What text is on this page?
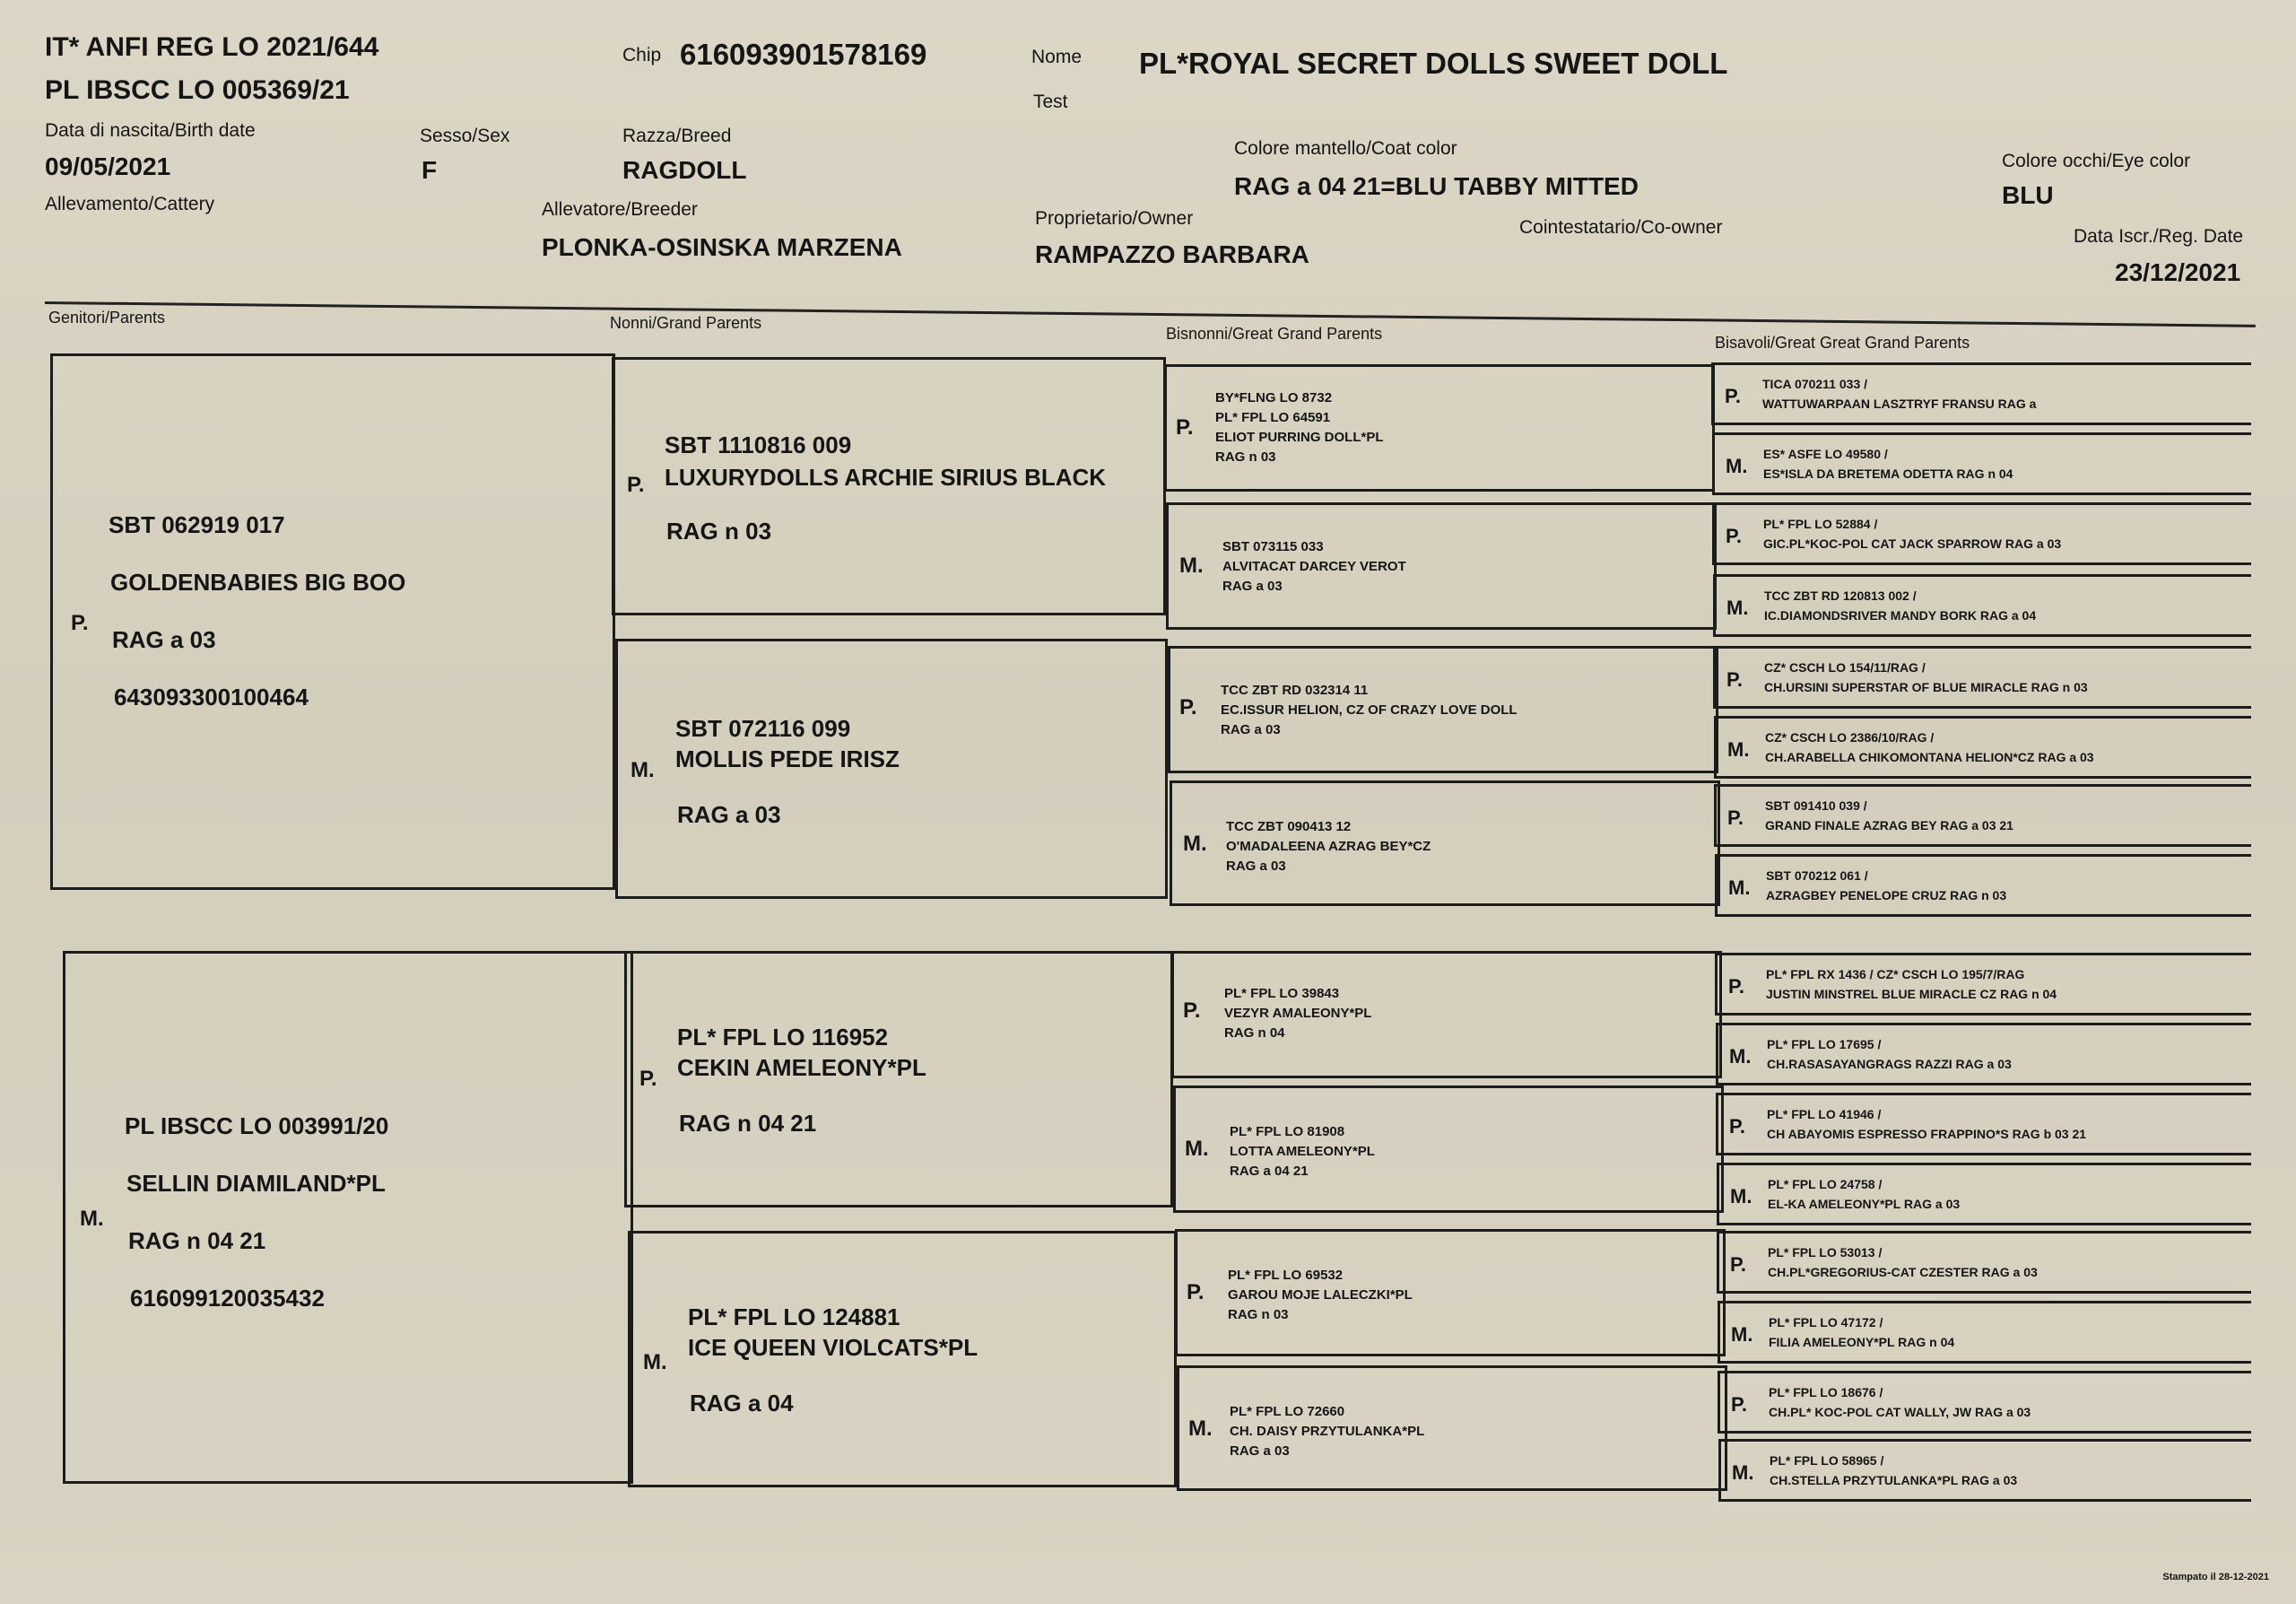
IT* ANFI REG LO 2021/644
PL IBSCC LO 005369/21
Data di nascita/Birth date
09/05/2021
Allevamento/Cattery
Chip 616093901578169	Nome PL*ROYAL SECRET DOLLS SWEET DOLL
Test
Sesso/Sex
F
Razza/Breed
RAGDOLL
Colore mantello/Coat color
RAG a 04 21=BLU TABBY MITTED
Colore occhi/Eye color
BLU
Allevatore/Breeder
PLONKA-OSINSKA MARZENA
Proprietario/Owner
RAMPAZZO BARBARA
Cointestatario/Co-owner	Data Iscr./Reg. Date
23/12/2021
Genitori/Parents	Nonni/Grand Parents
Bisnonni/Great Grand Parents	Bisavoli/Great Great Grand Parents
P.
SBT 062919 017
GOLDENBABIES BIG BOO
RAG a 03
643093300100464
M.
PL IBSCC LO 003991/20
SELLIN DIAMILAND*PL
RAG n 04 21
616099120035432
P.
SBT 1110816 009
LUXURYDOLLS ARCHIE SIRIUS BLACK
RAG n 03
M.
SBT 072116 099
MOLLIS PEDE IRISZ
RAG a 03
P.
PL* FPL LO 116952
CEKIN AMELEONY*PL
RAG n 04 21
M.
PL* FPL LO 124881
ICE QUEEN VIOLCATS*PL
RAG a 04
P.
BY*FLNG LO 8732
PL* FPL LO 64591
ELIOT PURRING DOLL*PL
RAG n 03
M.
SBT 073115 033
ALVITACAT DARCEY VEROT
RAG a 03
P.
TCC ZBT RD 032314 11
EC.ISSUR HELION, CZ OF CRAZY LOVE DOLL
RAG a 03
M.
TCC ZBT 090413 12
O'MADALEENA AZRAG BEY*CZ
RAG a 03
P.
PL* FPL LO 39843
VEZYR AMALEONY*PL
RAG n 04
M.
PL* FPL LO 81908
LOTTA AMELEONY*PL
RAG a 04 21
P.
PL* FPL LO 69532
GAROU MOJE LALECZKI*PL
RAG n 03
M.
PL* FPL LO 72660
CH. DAISY PRZYTULANKA*PL
RAG a 03
P.
TICA 070211 033 /
WATTUWARPAAN LASZTRYF FRANSU RAG a
M.
ES* ASFE LO 49580 /
ES*ISLA DA BRETEMA ODETTA RAG n 04
P.
PL* FPL LO 52884 /
GIC.PL*KOC-POL CAT JACK SPARROW RAG a 03
M.
TCC ZBT RD 120813 002 /
IC.DIAMONDSRIVER MANDY BORK RAG a 04
P.
CZ* CSCH LO 154/11/RAG /
CH.URSINI SUPERSTAR OF BLUE MIRACLE RAG n 03
M.
CZ* CSCH LO 2386/10/RAG /
CH.ARABELLA CHIKOMONTANA HELION*CZ RAG a 03
P.
SBT 091410 039 /
GRAND FINALE AZRAG BEY RAG a 03 21
M.
SBT 070212 061 /
AZRAGBEY PENELOPE CRUZ RAG n 03
P.
PL* FPL RX 1436 / CZ* CSCH LO 195/7/RAG
JUSTIN MINSTREL BLUE MIRACLE CZ RAG n 04
M.
PL* FPL LO 17695 /
CH.RASASAYANGRAGS RAZZI RAG a 03
P.
PL* FPL LO 41946 /
CH ABAYOMIS ESPRESSO FRAPPINO*S RAG b 03 21
M.
PL* FPL LO 24758 /
EL-KA AMELEONY*PL RAG a 03
P.
PL* FPL LO 53013 /
CH.PL*GREGORIUS-CAT CZESTER RAG a 03
M.
PL* FPL LO 47172 /
FILIA AMELEONY*PL RAG n 04
P.
PL* FPL LO 18676 /
CH.PL* KOC-POL CAT WALLY, JW RAG a 03
M.
PL* FPL LO 58965 /
CH.STELLA PRZYTULANKA*PL RAG a 03
Stampato il 28-12-2021
